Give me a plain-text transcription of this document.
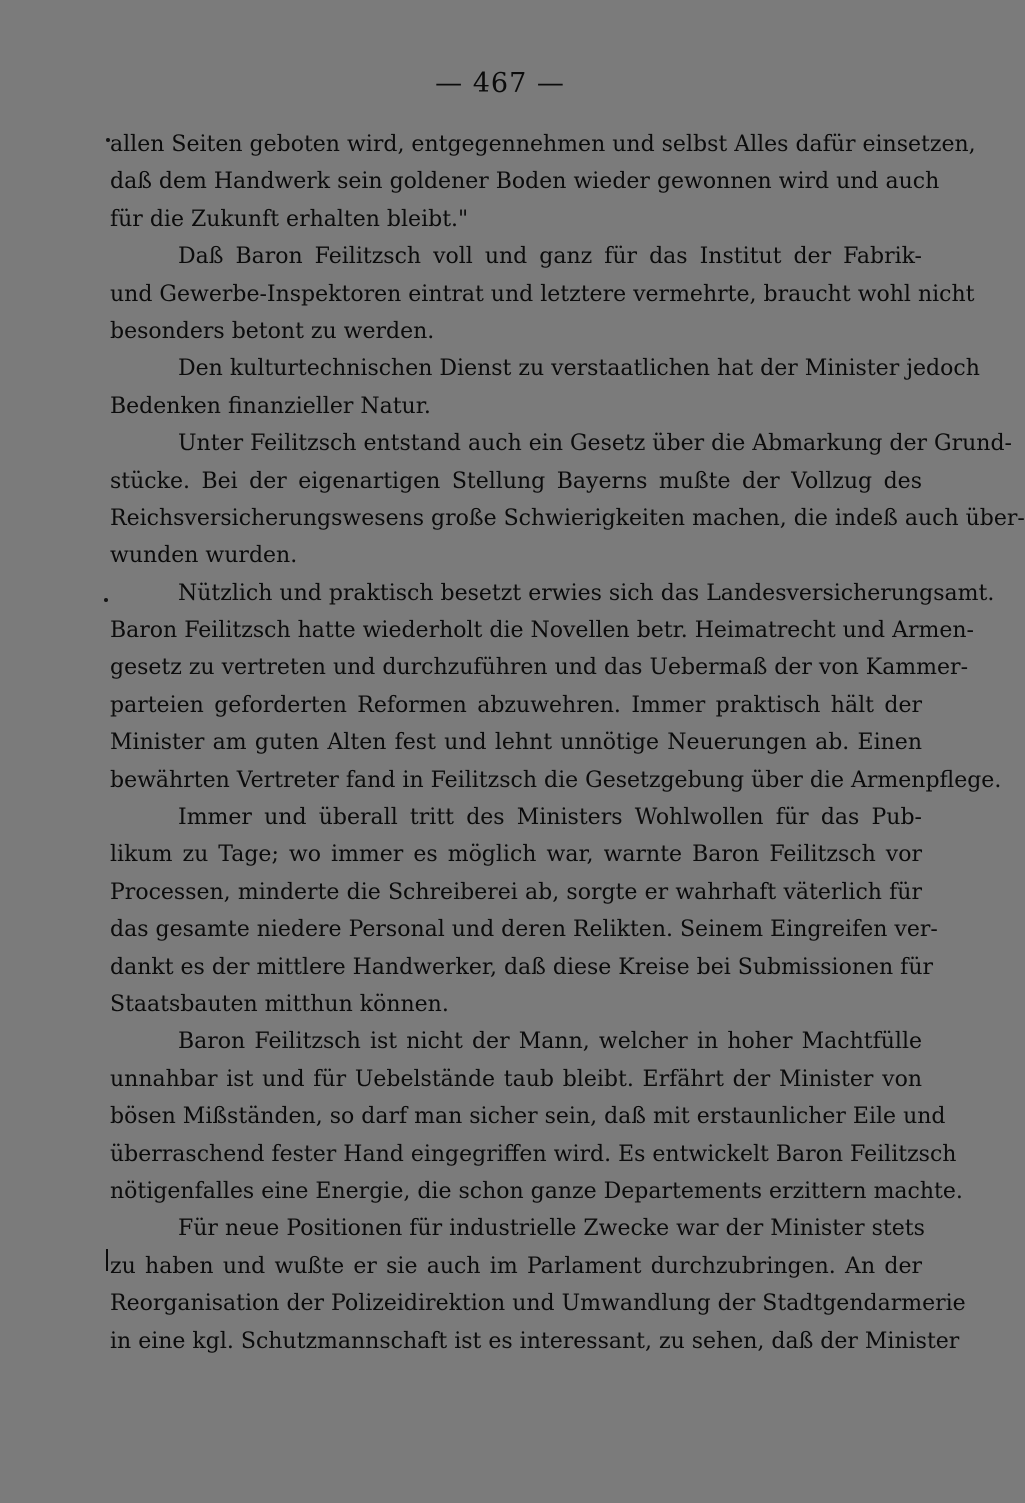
— 467 —
allen Seiten geboten wird, entgegennehmen und selbst Alles dafür einsetzen,
daß dem Handwerk sein goldener Boden wieder gewonnen wird und auch
für die Zukunft erhalten bleibt."
Daß Baron Feilitzsch voll und ganz für das Institut der Fabrik-
und Gewerbe-Inspektoren eintrat und letztere vermehrte, braucht wohl nicht
besonders betont zu werden.
Den kulturtechnischen Dienst zu verstaatlichen hat der Minister jedoch
Bedenken finanzieller Natur.
Unter Feilitzsch entstand auch ein Gesetz über die Abmarkung der Grund-
stücke. Bei der eigenartigen Stellung Bayerns mußte der Vollzug des
Reichsversicherungswesens große Schwierigkeiten machen, die indeß auch über-
wunden wurden.
Nützlich und praktisch besetzt erwies sich das Landesversicherungsamt.
Baron Feilitzsch hatte wiederholt die Novellen betr. Heimatrecht und Armen-
gesetz zu vertreten und durchzuführen und das Uebermaß der von Kammer-
parteien geforderten Reformen abzuwehren. Immer praktisch hält der
Minister am guten Alten fest und lehnt unnötige Neuerungen ab. Einen
bewährten Vertreter fand in Feilitzsch die Gesetzgebung über die Armenpflege.
Immer und überall tritt des Ministers Wohlwollen für das Pub-
likum zu Tage; wo immer es möglich war, warnte Baron Feilitzsch vor
Processen, minderte die Schreiberei ab, sorgte er wahrhaft väterlich für
das gesamte niedere Personal und deren Relikten. Seinem Eingreifen ver-
dankt es der mittlere Handwerker, daß diese Kreise bei Submissionen für
Staatsbauten mitthun können.
Baron Feilitzsch ist nicht der Mann, welcher in hoher Machtfülle
unnahbar ist und für Uebelstände taub bleibt. Erfährt der Minister von
bösen Mißständen, so darf man sicher sein, daß mit erstaunlicher Eile und
überraschend fester Hand eingegriffen wird. Es entwickelt Baron Feilitzsch
nötigenfalles eine Energie, die schon ganze Departements erzittern machte.
Für neue Positionen für industrielle Zwecke war der Minister stets
zu haben und wußte er sie auch im Parlament durchzubringen. An der
Reorganisation der Polizeidirektion und Umwandlung der Stadtgendarmerie
in eine kgl. Schutzmannschaft ist es interessant, zu sehen, daß der Minister
